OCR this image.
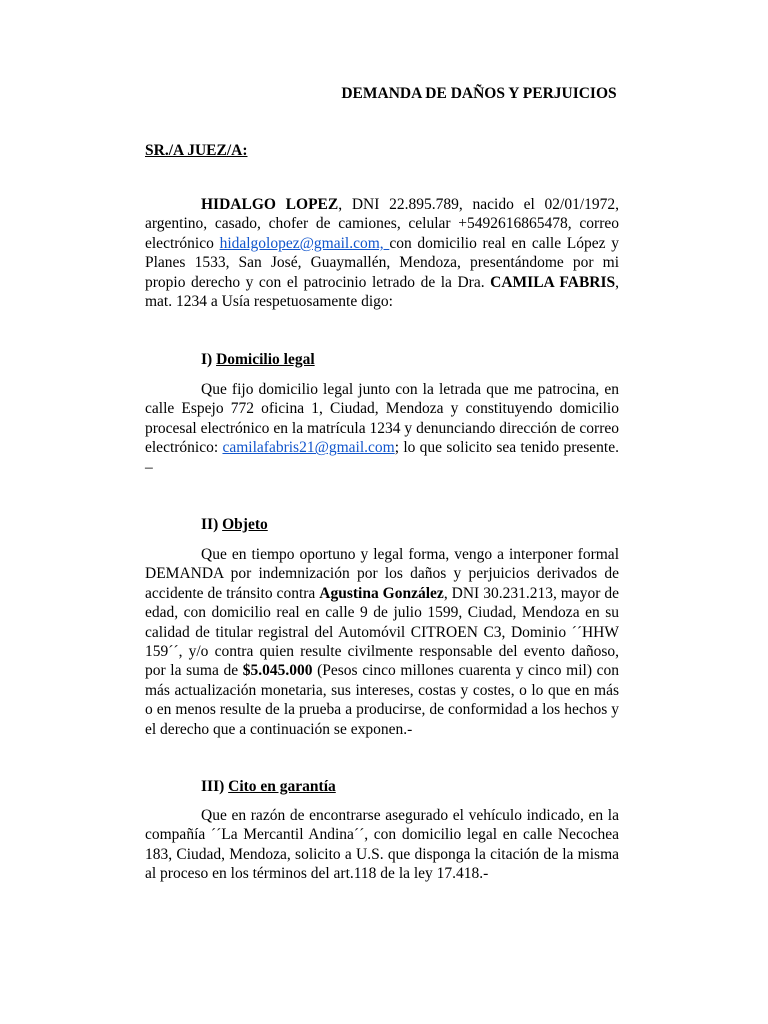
DEMANDA DE DAÑOS Y PERJUICIOS
SR./A JUEZ/A:

HIDALGO LOPEZ, DNI 22.895.789, nacido el 02/01/1972, argentino, casado, chofer de camiones, celular +5492616865478, correo electrónico hidalgolopez@gmail.com, con domicilio real en calle López y Planes 1533, San José, Guaymallén, Mendoza, presentándome por mi propio derecho y con el patrocinio letrado de la Dra. CAMILA FABRIS, mat. 1234 a Usía respetuosamente digo:

I) Domicilio legal

Que fijo domicilio legal junto con la letrada que me patrocina, en calle Espejo 772 oficina 1, Ciudad, Mendoza y constituyendo domicilio procesal electrónico en la matrícula 1234 y denunciando dirección de correo electrónico: camilafabris21@gmail.com; lo que solicito sea tenido presente. –

II) Objeto

Que en tiempo oportuno y legal forma, vengo a interponer formal DEMANDA por indemnización por los daños y perjuicios derivados de accidente de tránsito contra Agustina González, DNI 30.231.213, mayor de edad, con domicilio real en calle 9 de julio 1599, Ciudad, Mendoza en su calidad de titular registral del Automóvil CITROEN C3, Dominio ´´HHW 159´´, y/o contra quien resulte civilmente responsable del evento dañoso, por la suma de $5.045.000 (Pesos cinco millones cuarenta y cinco mil) con más actualización monetaria, sus intereses, costas y costes, o lo que en más o en menos resulte de la prueba a producirse, de conformidad a los hechos y el derecho que a continuación se exponen.-

III) Cito en garantía

Que en razón de encontrarse asegurado el vehículo indicado, en la compañía ´´La Mercantil Andina´´, con domicilio legal en calle Necochea 183, Ciudad, Mendoza, solicito a U.S. que disponga la citación de la misma al proceso en los términos del art.118 de la ley 17.418.-
